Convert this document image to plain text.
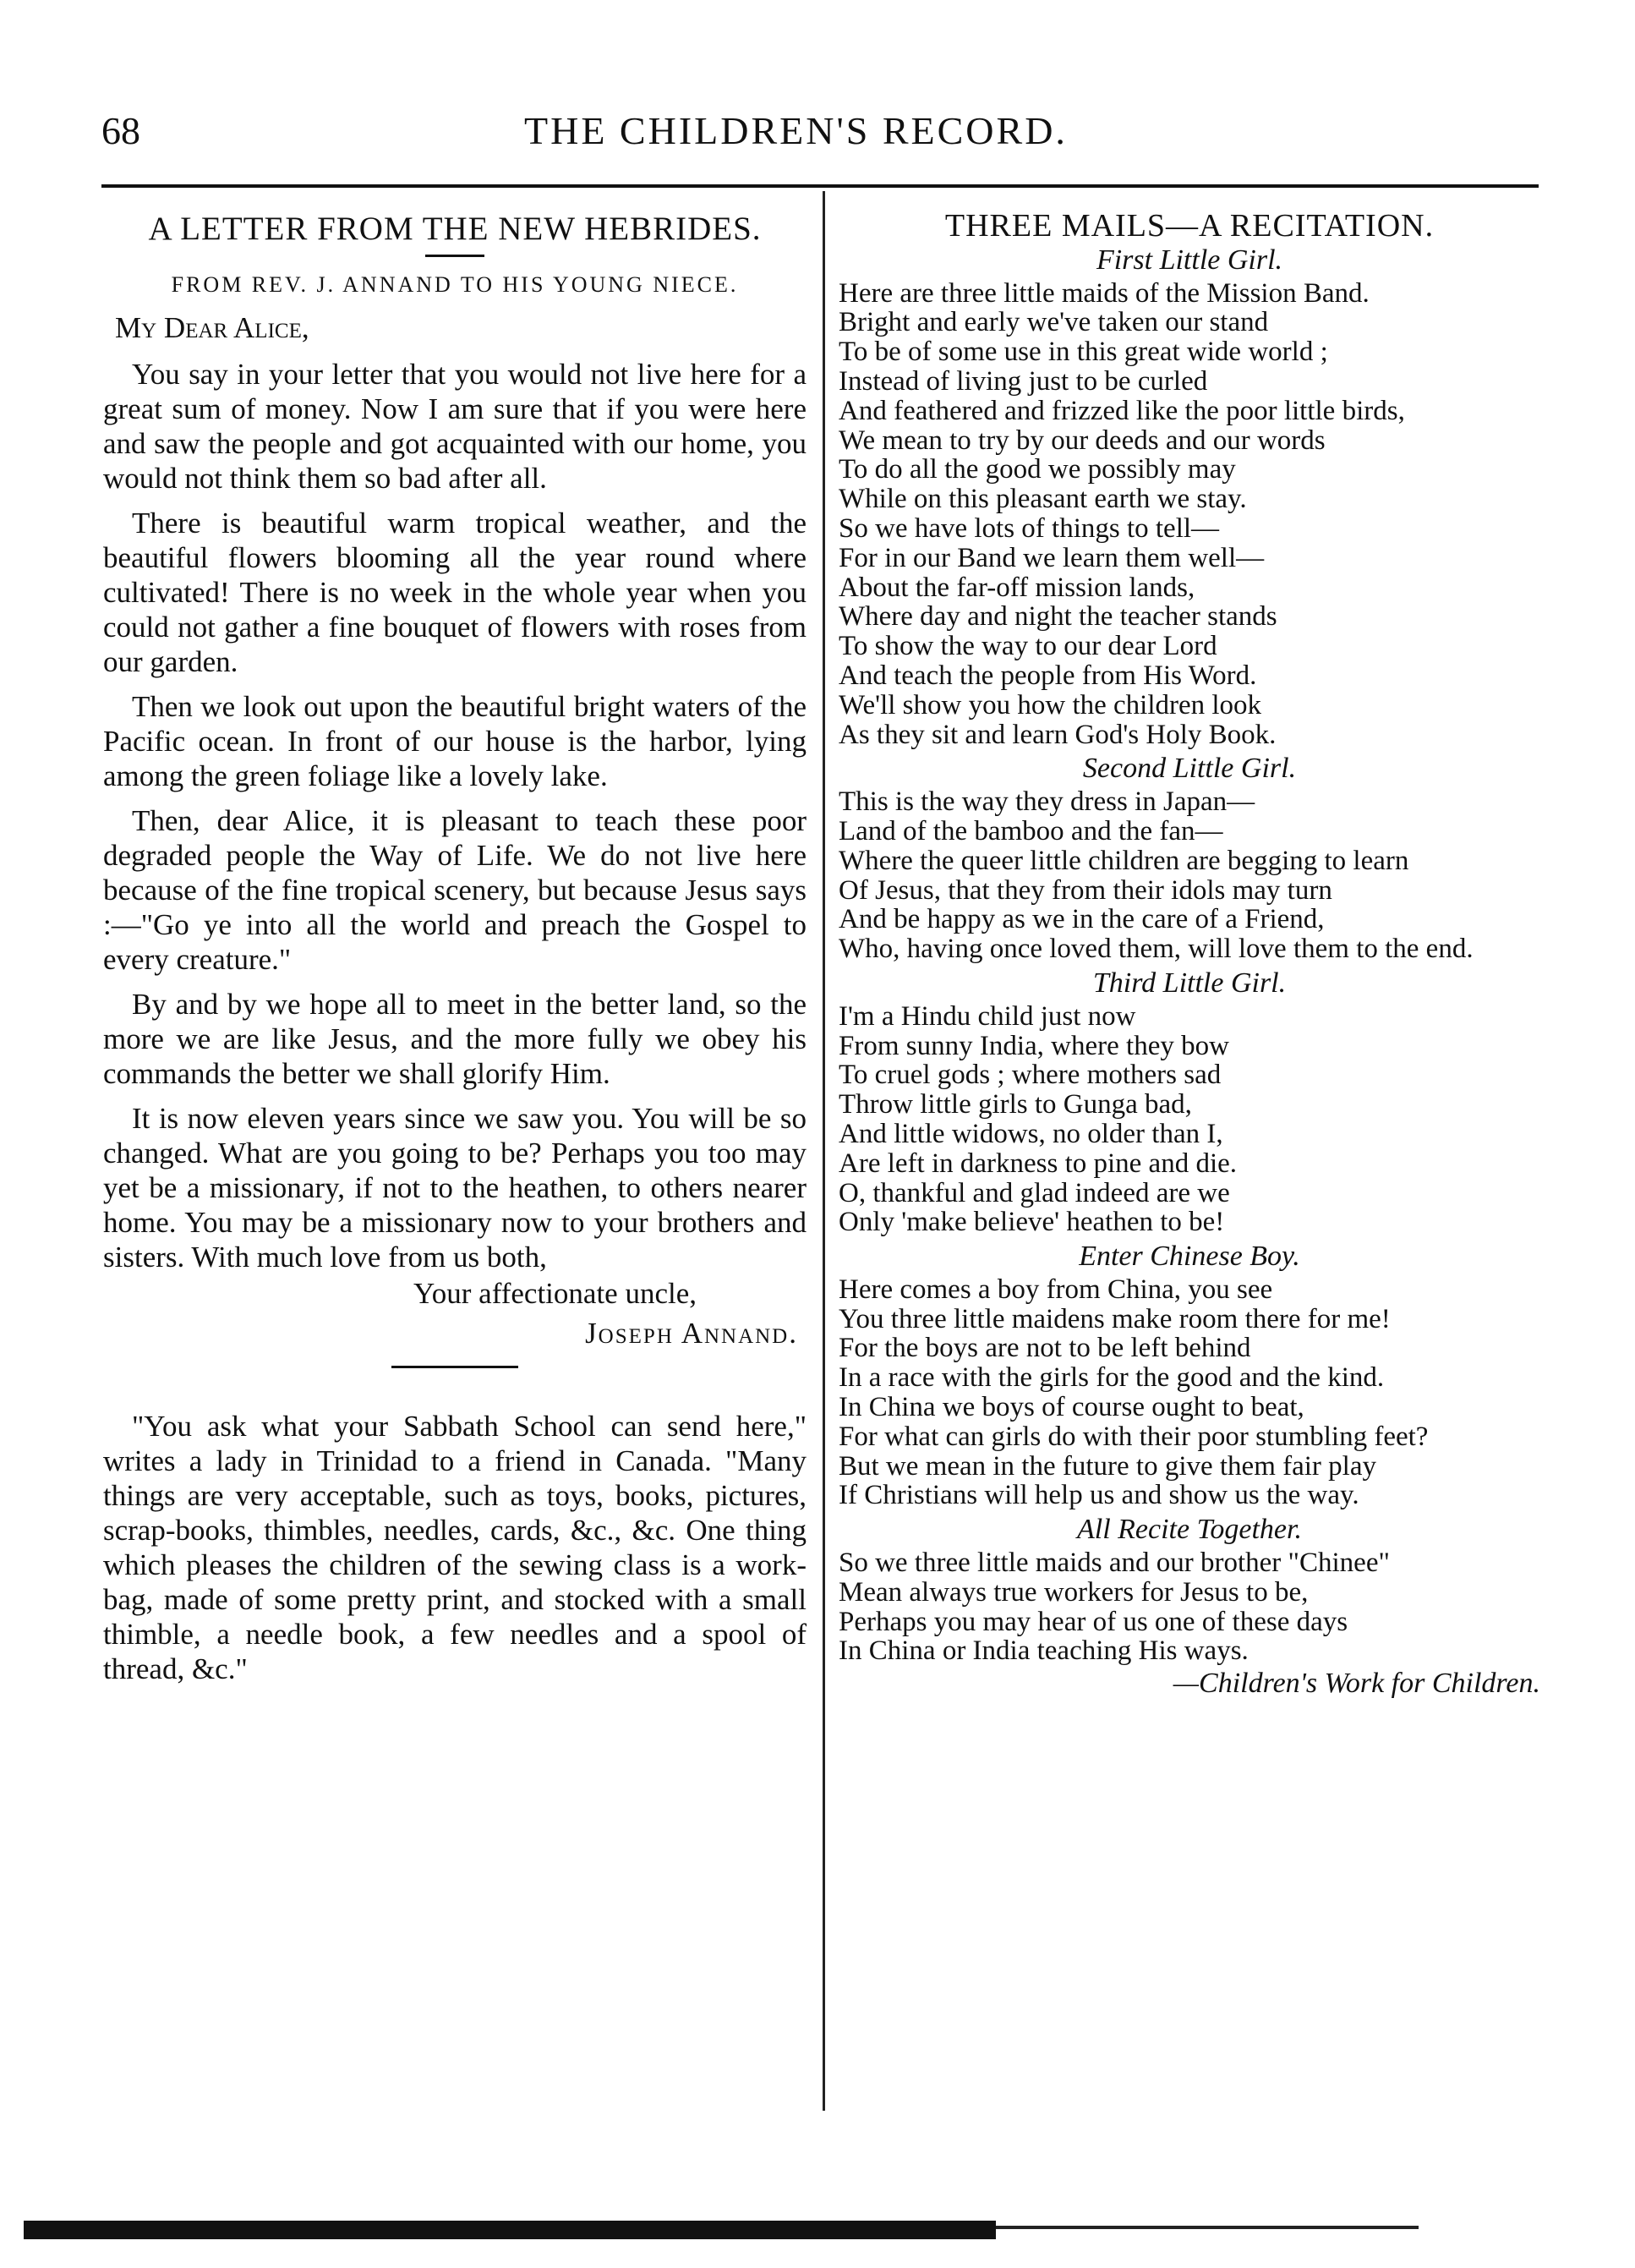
68	THE CHILDREN'S RECORD.
A LETTER FROM THE NEW HEBRIDES.
FROM REV. J. ANNAND TO HIS YOUNG NIECE.
My Dear Alice,

You say in your letter that you would not live here for a great sum of money. Now I am sure that if you were here and saw the people and got acquainted with our home, you would not think them so bad after all.

There is beautiful warm tropical weather, and the beautiful flowers blooming all the year round where cultivated! There is no week in the whole year when you could not gather a fine bouquet of flowers with roses from our garden.

Then we look out upon the beautiful bright waters of the Pacific ocean. In front of our house is the harbor, lying among the green foliage like a lovely lake.

Then, dear Alice, it is pleasant to teach these poor degraded people the Way of Life. We do not live here because of the fine tropical scenery, but because Jesus says :—"Go ye into all the world and preach the Gospel to every creature."

By and by we hope all to meet in the better land, so the more we are like Jesus, and the more fully we obey his commands the better we shall glorify Him.

It is now eleven years since we saw you. You will be so changed. What are you going to be? Perhaps you too may yet be a missionary, if not to the heathen, to others nearer home. You may be a missionary now to your brothers and sisters. With much love from us both,

Your affectionate uncle,
Joseph Annand.

"You ask what your Sabbath School can send here," writes a lady in Trinidad to a friend in Canada. "Many things are very acceptable, such as toys, books, pictures, scrap-books, thimbles, needles, cards, &c., &c. One thing which pleases the children of the sewing class is a work-bag, made of some pretty print, and stocked with a small thimble, a needle book, a few needles and a spool of thread, &c."

THREE MAILS—A RECITATION.
First Little Girl.
Here are three little maids of the Mission Band.
Bright and early we've taken our stand
To be of some use in this great wide world ;
Instead of living just to be curled
And feathered and frizzed like the poor little birds,
We mean to try by our deeds and our words
To do all the good we possibly may
While on this pleasant earth we stay.
So we have lots of things to tell—
For in our Band we learn them well—
About the far-off mission lands,
Where day and night the teacher stands
To show the way to our dear Lord
And teach the people from His Word.
We'll show you how the children look
As they sit and learn God's Holy Book.
Second Little Girl.
This is the way they dress in Japan—
Land of the bamboo and the fan—
Where the queer little children are begging to learn
Of Jesus, that they from their idols may turn
And be happy as we in the care of a Friend,
Who, having once loved them, will love them to the end.
Third Little Girl.
I'm a Hindu child just now
From sunny India, where they bow
To cruel gods ; where mothers sad
Throw little girls to Gunga bad,
And little widows, no older than I,
Are left in darkness to pine and die.
O, thankful and glad indeed are we
Only 'make believe' heathen to be!
Enter Chinese Boy.
Here comes a boy from China, you see
You three little maidens make room there for me!
For the boys are not to be left behind
In a race with the girls for the good and the kind.
In China we boys of course ought to beat,
For what can girls do with their poor stumbling feet?
But we mean in the future to give them fair play
If Christians will help us and show us the way.
All Recite Together.
So we three little maids and our brother "Chinee"
Mean always true workers for Jesus to be,
Perhaps you may hear of us one of these days
In China or India teaching His ways.
—Children's Work for Children.
